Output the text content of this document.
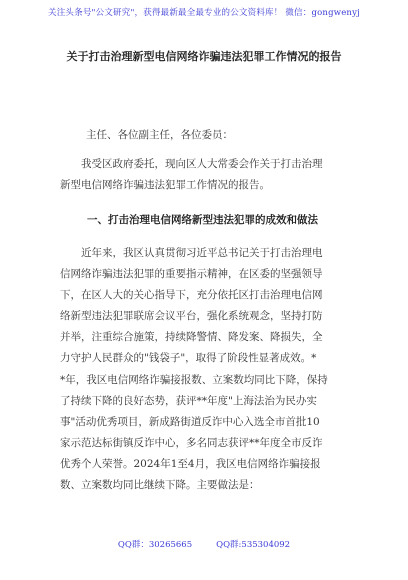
关注头条号"公文研究"，获得最新最全最专业的公文资料库！ 微信：gongwenyj
关于打击治理新型电信网络诈骗违法犯罪工作情况的报告
主任、各位副主任，各位委员：
我受区政府委托，现向区人大常委会作关于打击治理
新型电信网络诈骗违法犯罪工作情况的报告。
一、打击治理电信网络新型违法犯罪的成效和做法
近年来，我区认真贯彻习近平总书记关于打击治理电
信网络诈骗违法犯罪的重要指示精神，在区委的坚强领导
下，在区人大的关心指导下，充分依托区打击治理电信网
络新型违法犯罪联席会议平台，强化系统观念，坚持打防
并举，注重综合施策，持续降警情、降发案、降损失，全
力守护人民群众的"钱袋子"，取得了阶段性显著成效。*
*年，我区电信网络诈骗接报数、立案数均同比下降，保持
了持续下降的良好态势，获评**年度"上海法治为民办实
事"活动优秀项目，新成路街道反诈中心入选全市首批10
家示范达标街镇反诈中心，多名同志获评**年度全市反诈
优秀个人荣誉。2024年1至4月，我区电信网络诈骗接报
数、立案数均同比继续下降。主要做法是：
QQ群：30265665	QQ群:535304092
